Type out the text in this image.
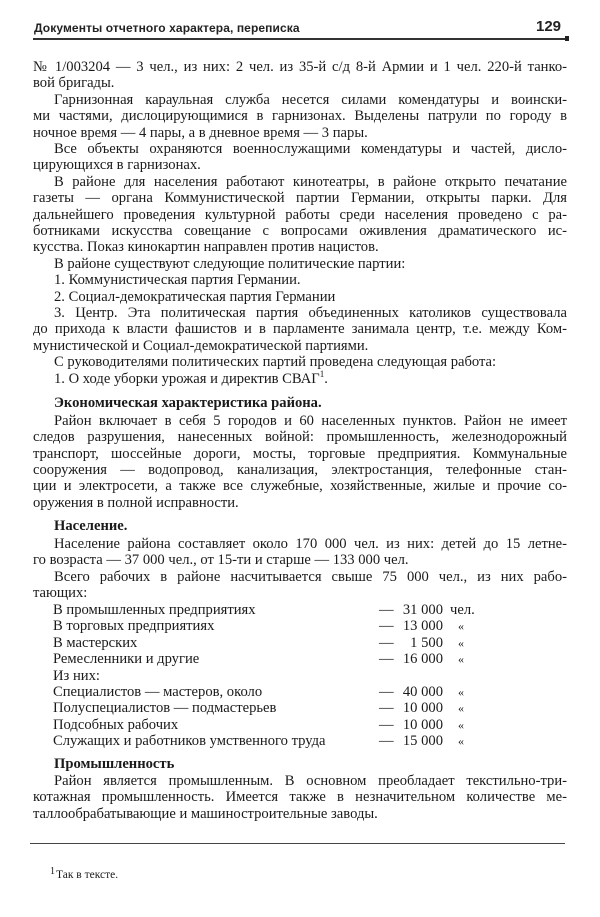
Документы отчетного характера, переписка	129
№ 1/003204 — 3 чел., из них: 2 чел. из 35-й с/д 8-й Армии и 1 чел. 220-й танко-
вой бригады.
Гарнизонная караульная служба несется силами комендатуры и воински-
ми частями, дислоцирующимися в гарнизонах. Выделены патрули по городу в
ночное время — 4 пары, а в дневное время — 3 пары.
Все объекты охраняются военнослужащими комендатуры и частей, дисло-
цирующихся в гарнизонах.
В районе для населения работают кинотеатры, в районе открыто печатание
газеты — органа Коммунистической партии Германии, открыты парки. Для
дальнейшего проведения культурной работы среди населения проведено с ра-
ботниками искусства совещание с вопросами оживления драматического ис-
кусства. Показ кинокартин направлен против нацистов.
В районе существуют следующие политические партии:
1. Коммунистическая партия Германии.
2. Социал-демократическая партия Германии
3. Центр. Эта политическая партия объединенных католиков существовала
до прихода к власти фашистов и в парламенте занимала центр, т.е. между Ком-
мунистической и Социал-демократической партиями.
С руководителями политических партий проведена следующая работа:
1. О ходе уборки урожая и директив СВАГ$^1$.
Экономическая характеристика района.
Район включает в себя 5 городов и 60 населенных пунктов. Район не имеет
следов разрушения, нанесенных войной: промышленность, железнодорожный
транспорт, шоссейные дороги, мосты, торговые предприятия. Коммунальные
сооружения — водопровод, канализация, электростанция, телефонные стан-
ции и электросети, а также все служебные, хозяйственные, жилые и прочие со-
оружения в полной исправности.
Население.
Население района составляет около 170 000 чел. из них: детей до 15 летне-
го возраста — 37 000 чел., от 15-ти и старше — 133 000 чел.
Всего рабочих в районе насчитывается свыше 75 000 чел., из них рабо-
тающих:
В промышленных предприятиях	— 31 000 чел.
В торговых предприятиях	— 13 000 «
В мастерских	—	1 500 «
Ремесленники и другие	— 16 000 «
Из них:
Специалистов — мастеров, около	— 40 000 «
Полуспециалистов — подмастерьев	— 10 000 «
Подсобных рабочих	— 10 000 «
Служащих и работников умственного труда	— 15 000 «
Промышленность
Район является промышленным. В основном преобладает текстильно-три-
котажная промышленность. Имеется также в незначительном количестве ме-
таллообрабатывающие и машиностроительные заводы.
1 Так в тексте.
